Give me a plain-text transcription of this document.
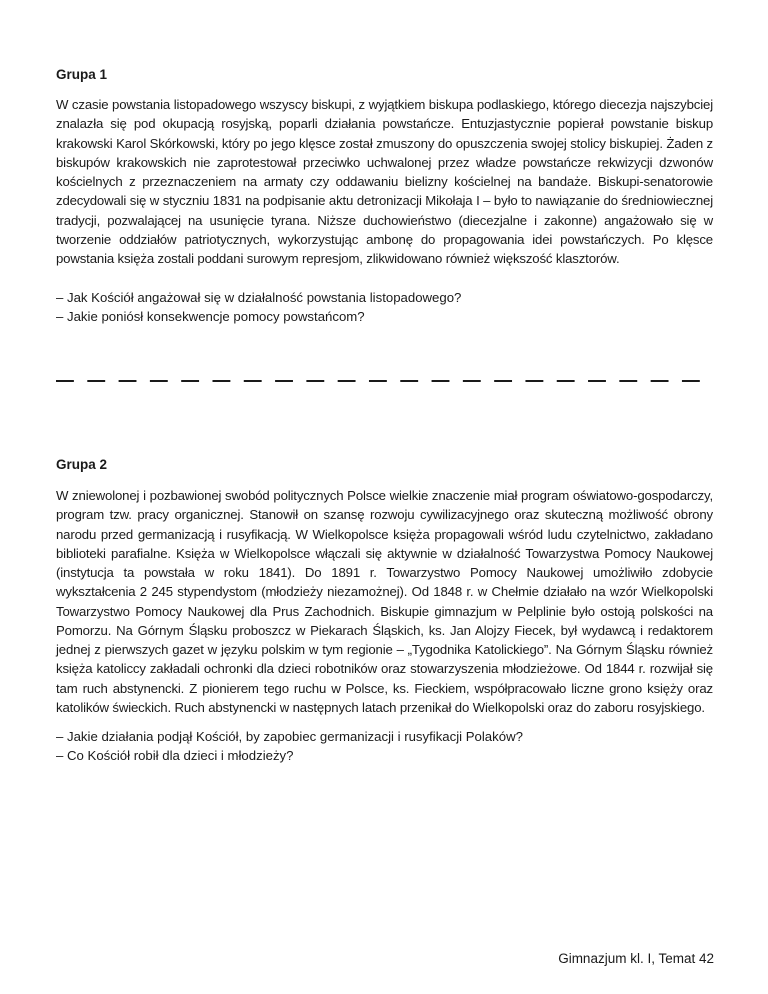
Grupa 1

W czasie powstania listopadowego wszyscy biskupi, z wyjątkiem biskupa podlaskiego, którego diecezja najszybciej znalazła się pod okupacją rosyjską, poparli działania powstańcze. Entuzjastycznie popierał powstanie biskup krakowski Karol Skórkowski, który po jego klęsce został zmuszony do opuszczenia swojej stolicy biskupiej. Żaden z biskupów krakowskich nie zaprotestował przeciwko uchwalonej przez władze powstańcze rekwizycji dzwonów kościelnych z przeznaczeniem na armaty czy oddawaniu bielizny kościelnej na bandaże. Biskupi-senatorowie zdecydowali się w styczniu 1831 na podpisanie aktu detronizacji Mikołaja I – było to nawiązanie do średniowiecznej tradycji, pozwalającej na usunięcie tyrana. Niższe duchowieństwo (diecezjalne i zakonne) angażowało się w tworzenie oddziałów patriotycznych, wykorzystując ambonę do propagowania idei powstańczych. Po klęsce powstania księża zostali poddani surowym represjom, zlikwidowano również większość klasztorów.

– Jak Kościół angażował się w działalność powstania listopadowego?
– Jakie poniósł konsekwencje pomocy powstańcom?
Grupa 2

W zniewolonej i pozbawionej swobód politycznych Polsce wielkie znaczenie miał program oświatowo-gospodarczy, program tzw. pracy organicznej. Stanowił on szansę rozwoju cywilizacyjnego oraz skuteczną możliwość obrony narodu przed germanizacją i rusyfikacją. W Wielkopolsce księża propagowali wśród ludu czytelnictwo, zakładano biblioteki parafialne. Księża w Wielkopolsce włączali się aktywnie w działalność Towarzystwa Pomocy Naukowej (instytucja ta powstała w roku 1841). Do 1891 r. Towarzystwo Pomocy Naukowej umożliwiło zdobycie wykształcenia 2 245 stypendystom (młodzieży niezamożnej). Od 1848 r. w Chełmie działało na wzór Wielkopolski Towarzystwo Pomocy Naukowej dla Prus Zachodnich. Biskupie gimnazjum w Pelplinie było ostoją polskości na Pomorzu. Na Górnym Śląsku proboszcz w Piekarach Śląskich, ks. Jan Alojzy Fiecek, był wydawcą i redaktorem jednej z pierwszych gazet w języku polskim w tym regionie – „Tygodnika Katolickiego”. Na Górnym Śląsku również księża katoliccy zakładali ochronki dla dzieci robotników oraz stowarzyszenia młodzieżowe. Od 1844 r. rozwijał się tam ruch abstynencki. Z pionierem tego ruchu w Polsce, ks. Fieckiem, współpracowało liczne grono księży oraz katolików świeckich. Ruch abstynencki w następnych latach przenikał do Wielkopolski oraz do zaboru rosyjskiego.

– Jakie działania podjął Kościół, by zapobiec germanizacji i rusyfikacji Polaków?
– Co Kościół robił dla dzieci i młodzieży?

Gimnazjum kl. I, Temat 42
